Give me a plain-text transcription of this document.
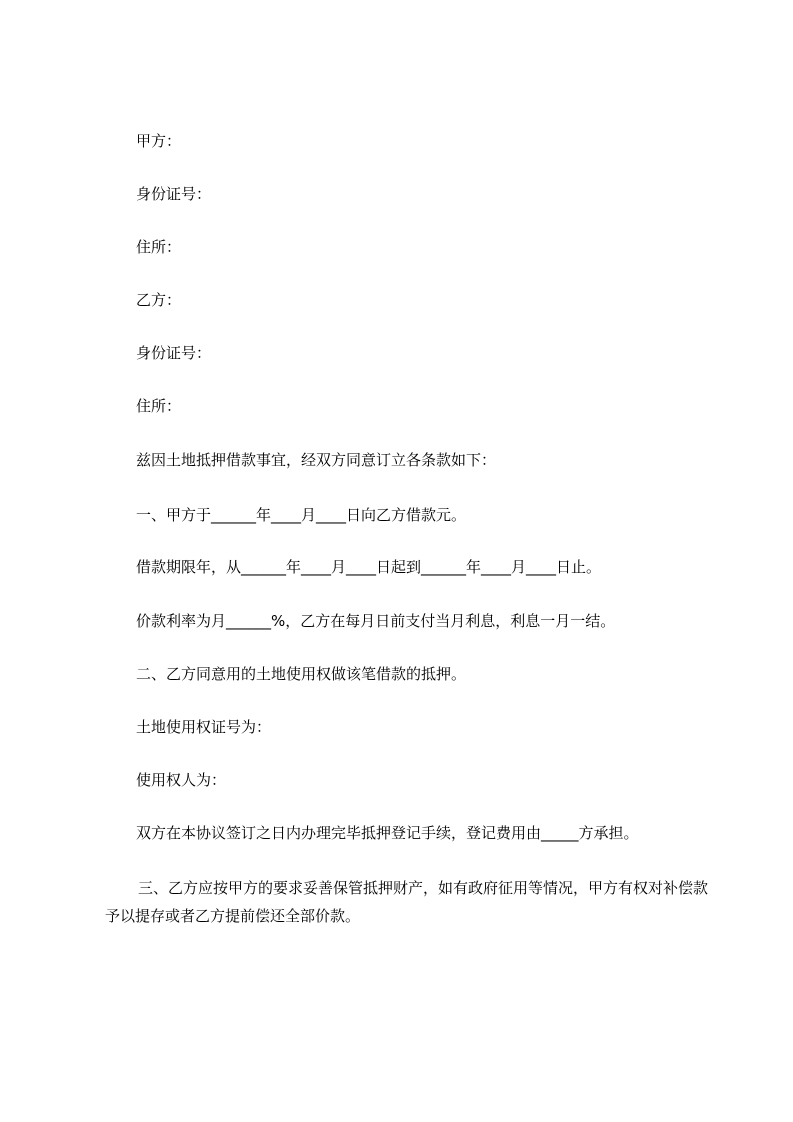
甲方：

身份证号：

住所：

乙方：

身份证号：

住所：

兹因土地抵押借款事宜，经双方同意订立各条款如下：

一、甲方于______年____月____日向乙方借款元。

借款期限年，从______年____月____日起到______年____月____日止。

价款利率为月______%，乙方在每月日前支付当月利息，利息一月一结。

二、乙方同意用的土地使用权做该笔借款的抵押。

土地使用权证号为：

使用权人为：

双方在本协议签订之日内办理完毕抵押登记手续，登记费用由_____方承担。

三、乙方应按甲方的要求妥善保管抵押财产，如有政府征用等情况，甲方有权对补偿款予以提存或者乙方提前偿还全部价款。
